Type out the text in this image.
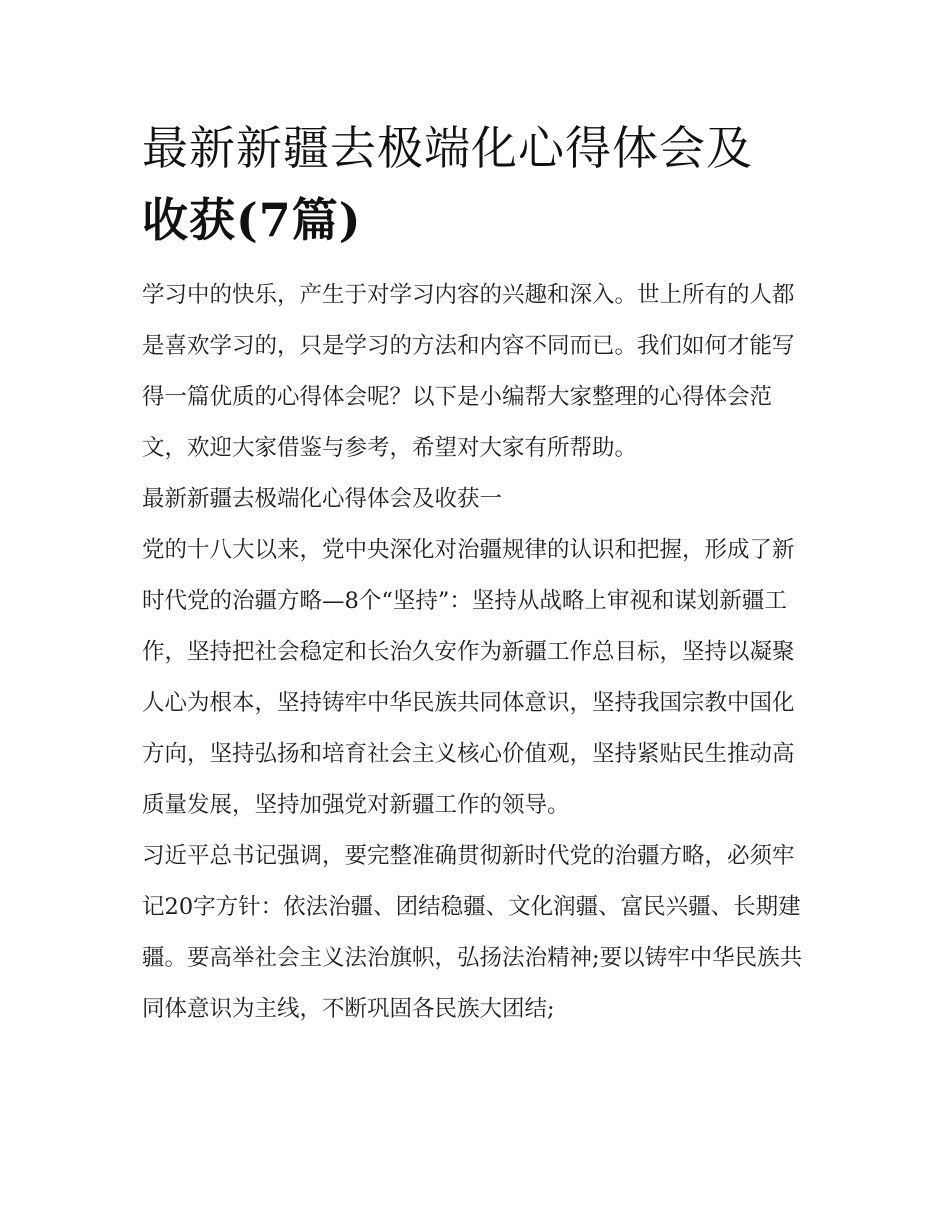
最新新疆去极端化心得体会及
收获(7篇)

学习中的快乐，产生于对学习内容的兴趣和深入。世上所有的人都是喜欢学习的，只是学习的方法和内容不同而已。我们如何才能写得一篇优质的心得体会呢？以下是小编帮大家整理的心得体会范文，欢迎大家借鉴与参考，希望对大家有所帮助。

最新新疆去极端化心得体会及收获一

党的十八大以来，党中央深化对治疆规律的认识和把握，形成了新时代党的治疆方略—8个“坚持”：坚持从战略上审视和谋划新疆工作，坚持把社会稳定和长治久安作为新疆工作总目标，坚持以凝聚人心为根本，坚持铸牢中华民族共同体意识，坚持我国宗教中国化方向，坚持弘扬和培育社会主义核心价值观，坚持紧贴民生推动高质量发展，坚持加强党对新疆工作的领导。

习近平总书记强调，要完整准确贯彻新时代党的治疆方略，必须牢记20字方针：依法治疆、团结稳疆、文化润疆、富民兴疆、长期建疆。要高举社会主义法治旗帜，弘扬法治精神;要以铸牢中华民族共同体意识为主线，不断巩固各民族大团结;
